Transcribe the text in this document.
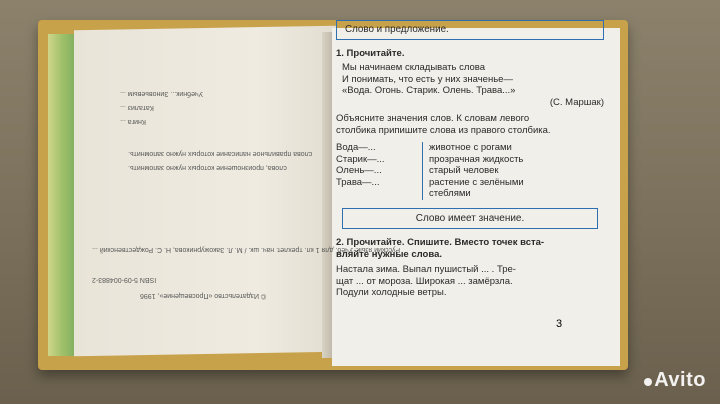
Учебник... Зиновьевым ...
Катализ ...
Книга ...
слова правильное написание которых нужно запомнить.
слова, произношение которых нужно запомнить.
Русский язык: Учеб. для 1 кл. трехлет. нач. шк. / М. Л. Закожурникова, Н. С. Рождественский ...
ISBN 5-09-004883-2
© Издательство «Просвещение», 1996
Слово и предложение.
1. Прочитайте.
Мы начинаем складывать слова
И понимать, что есть у них значенье—
«Вода. Огонь. Старик. Олень. Трава...»
(С. Маршак)
Объясните значения слов. К словам левого
столбика припишите слова из правого столбика.
Вода—...
Старик—...
Олень—...
Трава—...
животное с рогами
прозрачная жидкость
старый человек
растение с зелёными
стеблями
Слово имеет значение.
2. Прочитайте. Спишите. Вместо точек вста-
вляйте нужные слова.
Настала зима. Выпал пушистый ... . Тре-
щат ... от мороза. Широкая ... замёрзла.
Подули холодные ветры.
3
Avito
